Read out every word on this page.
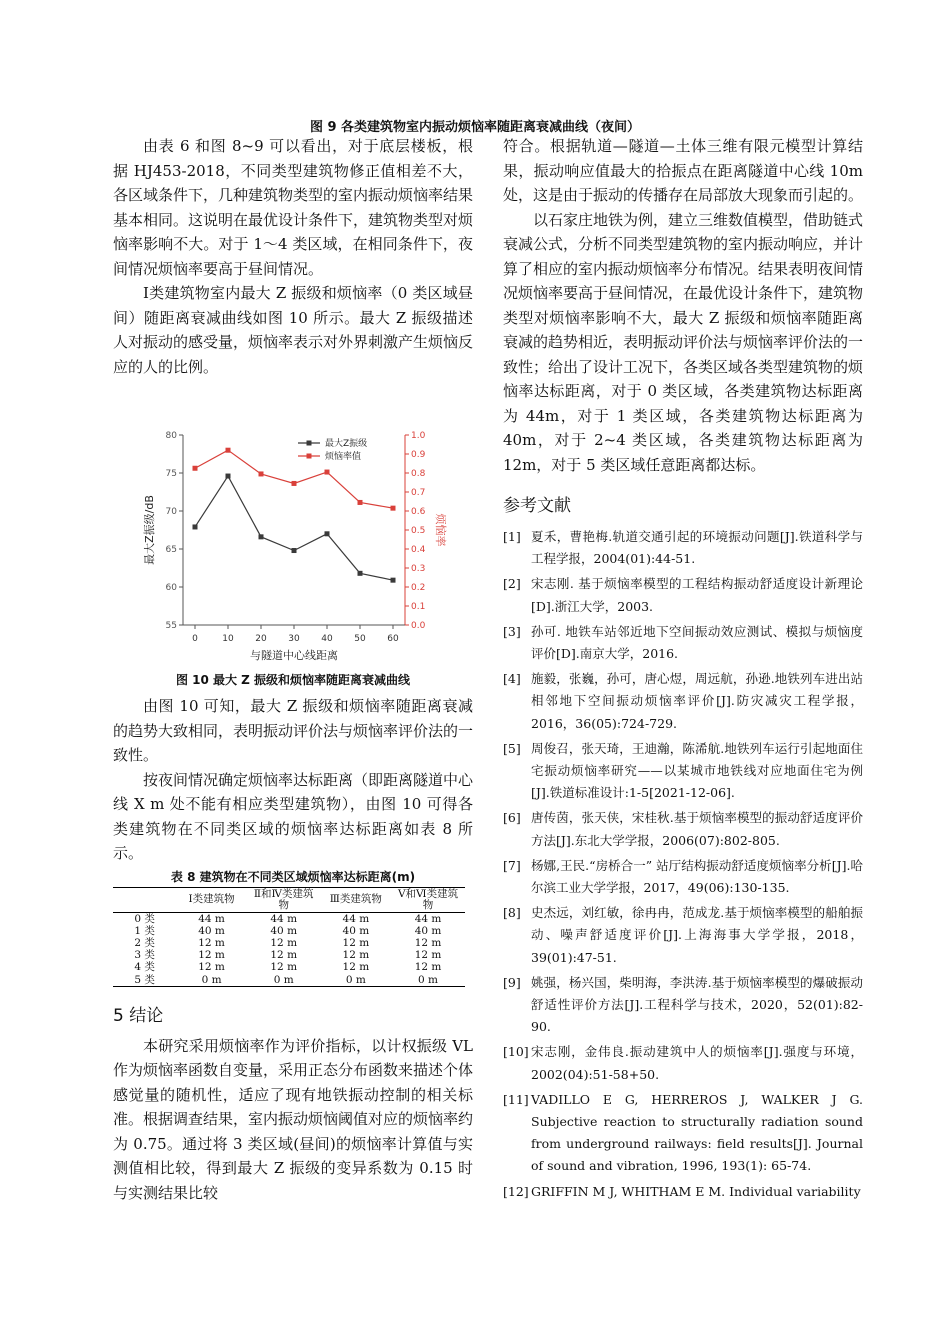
图 9 各类建筑物室内振动烦恼率随距离衰减曲线（夜间）

由表 6 和图 8~9 可以看出，对于底层楼板，根据 HJ453-2018，不同类型建筑物修正值相差不大，各区域条件下，几种建筑物类型的室内振动烦恼率结果基本相同。这说明在最优设计条件下，建筑物类型对烦恼率影响不大。对于 1～4 类区域，在相同条件下，夜间情况烦恼率要高于昼间情况。

Ⅰ类建筑物室内最大 Z 振级和烦恼率（0 类区域昼间）随距离衰减曲线如图 10 所示。最大 Z 振级描述人对振动的感受量，烦恼率表示对外界刺激产生烦恼反应的人的比例。

55
60
65
70
75
80
0.0
0.1
0.2
0.3
0.4
0.5
0.6
0.7
0.8
0.9
1.0
0	10 20 30 40 50 60
与隧道中心线距离
最大Z振级/dB	烦恼率
最大Z振级
烦恼率值
图 10 最大 Z 振级和烦恼率随距离衰减曲线

由图 10 可知，最大 Z 振级和烦恼率随距离衰减的趋势大致相同，表明振动评价法与烦恼率评价法的一致性。

按夜间情况确定烦恼率达标距离（即距离隧道中心线 X m 处不能有相应类型建筑物），由图 10 可得各类建筑物在不同类区域的烦恼率达标距离如表 8 所示。

表 8 建筑物在不同类区域烦恼率达标距离(m)
	Ⅰ类建筑物	Ⅱ和Ⅳ类建筑物	Ⅲ类建筑物	Ⅴ和Ⅵ类建筑物
0 类	44 m	44 m	44 m	44 m
1 类	40 m	40 m	40 m	40 m
2 类	12 m	12 m	12 m	12 m
3 类	12 m	12 m	12 m	12 m
4 类	12 m	12 m	12 m	12 m
5 类	0 m	0 m	0 m	0 m
5 结论

本研究采用烦恼率作为评价指标，以计权振级 VL 作为烦恼率函数自变量，采用正态分布函数来描述个体感觉量的随机性，适应了现有地铁振动控制的相关标准。根据调查结果，室内振动烦恼阈值对应的烦恼率约为 0.75。通过将 3 类区域(昼间)的烦恼率计算值与实测值相比较，得到最大 Z 振级的变异系数为 0.15 时与实测结果比较

符合。根据轨道—隧道—土体三维有限元模型计算结果，振动响应值最大的拾振点在距离隧道中心线 10m 处，这是由于振动的传播存在局部放大现象而引起的。

以石家庄地铁为例，建立三维数值模型，借助链式衰减公式，分析不同类型建筑物的室内振动响应，并计算了相应的室内振动烦恼率分布情况。结果表明夜间情况烦恼率要高于昼间情况，在最优设计条件下，建筑物类型对烦恼率影响不大，最大 Z 振级和烦恼率随距离衰减的趋势相近，表明振动评价法与烦恼率评价法的一致性；给出了设计工况下，各类区域各类型建筑物的烦恼率达标距离，对于 0 类区域，各类建筑物达标距离为 44m，对于 1 类区域，各类建筑物达标距离为 40m，对于 2~4 类区域，各类建筑物达标距离为 12m，对于 5 类区域任意距离都达标。

参考文献
[1] 夏禾，曹艳梅.轨道交通引起的环境振动问题[J].铁道科学与工程学报，2004(01):44-51.
[2] 宋志刚. 基于烦恼率模型的工程结构振动舒适度设计新理论[D].浙江大学，2003.
[3] 孙可. 地铁车站邻近地下空间振动效应测试、模拟与烦恼度评价[D].南京大学，2016.
[4] 施毅，张巍，孙可，唐心煜，周远航，孙逊.地铁列车进出站相邻地下空间振动烦恼率评价[J].防灾减灾工程学报，2016，36(05):724-729.
[5] 周俊召，张天琦，王迪瀚，陈浠航.地铁列车运行引起地面住宅振动烦恼率研究——以某城市地铁线对应地面住宅为例 [J].铁道标准设计:1-5[2021-12-06].
[6] 唐传茵，张天侠，宋桂秋.基于烦恼率模型的振动舒适度评价方法[J].东北大学学报，2006(07):802-805.
[7] 杨娜,王民.“房桥合一” 站厅结构振动舒适度烦恼率分析[J].哈尔滨工业大学学报，2017，49(06):130-135.
[8] 史杰远，刘红敏，徐冉冉，范成龙.基于烦恼率模型的船舶振动、噪声舒适度评价[J].上海海事大学学报，2018，39(01):47-51.
[9] 姚强，杨兴国，柴明海，李洪涛.基于烦恼率模型的爆破振动舒适性评价方法[J].工程科学与技术，2020，52(01):82-90.
[10] 宋志刚，金伟良.振动建筑中人的烦恼率[J].强度与环境，2002(04):51-58+50.
[11] VADILLO E G, HERREROS J, WALKER J G. Subjective reaction to structurally radiation sound from underground railways: field results[J]. Journal of sound and vibration, 1996, 193(1): 65-74.
[12] GRIFFIN M J, WHITHAM E M. Individual variability
